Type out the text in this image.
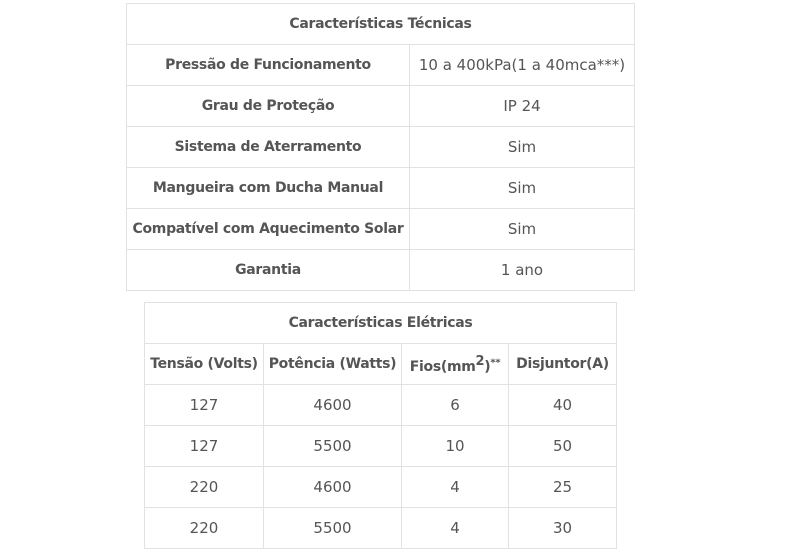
Características Técnicas	
Pressão de Funcionamento	10 a 400kPa(1 a 40mca***)
Grau de Proteção	IP 24
Sistema de Aterramento	Sim
Mangueira com Ducha Manual	Sim
Compatível com Aquecimento Solar	Sim
Garantia	1 ano
Características Elétricas			
Tensão (Volts)	Potência (Watts)	Fios(mm2)**	Disjuntor(A)
127	4600	6	40
127	5500	10	50
220	4600	4	25
220	5500	4	30
